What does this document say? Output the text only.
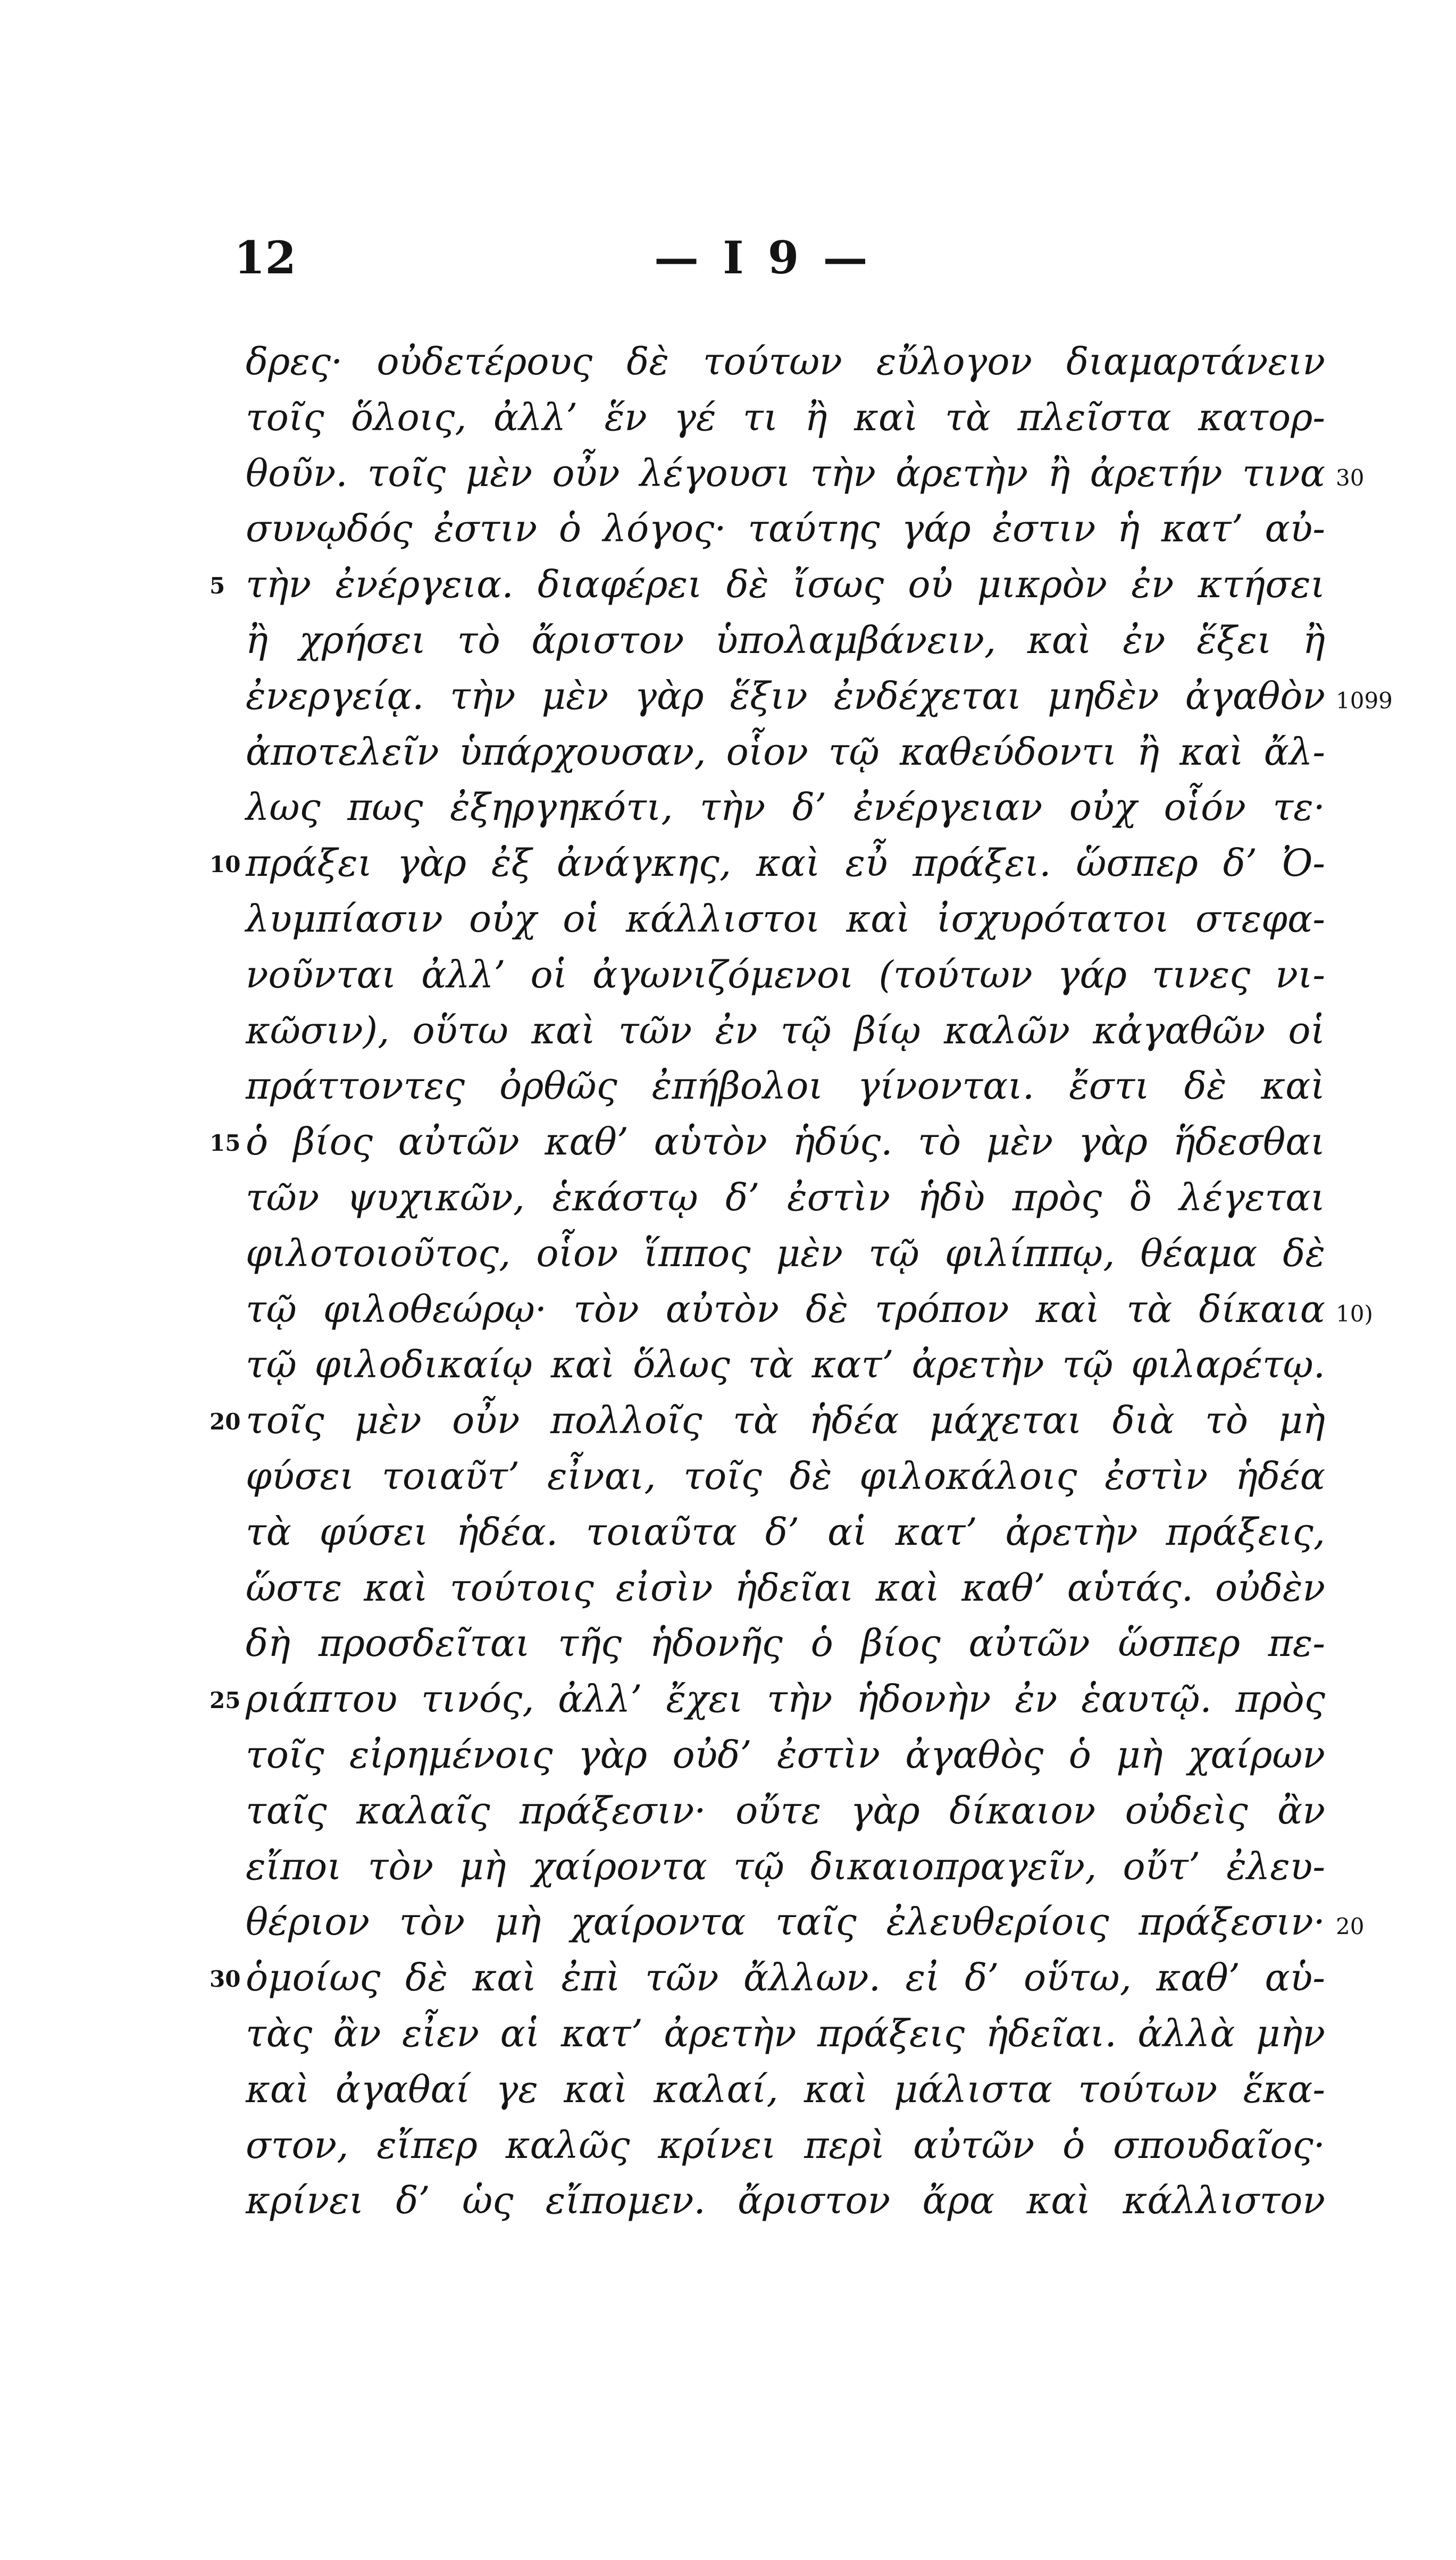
12	— I 9 —
δρες· οὐδετέρους δὲ τούτων εὔλογον διαμαρτάνειν
τοῖς ὅλοις, ἀλλ’ ἕν γέ τι ἢ καὶ τὰ πλεῖστα κατορ-
θοῦν. τοῖς μὲν οὖν λέγουσι τὴν ἀρετὴν ἢ ἀρετήν τινα 30
συνῳδός ἐστιν ὁ λόγος· ταύτης γάρ ἐστιν ἡ κατ’ αὐ-
τὴν ἐνέργεια. διαφέρει δὲ ἴσως οὐ μικρὸν ἐν κτήσει
5
ἢ χρήσει τὸ ἄριστον ὑπολαμβάνειν, καὶ ἐν ἕξει ἢ
ἐνεργείᾳ. τὴν μὲν γὰρ ἕξιν ἐνδέχεται μηδὲν ἀγαθὸν 1099
ἀποτελεῖν ὑπάρχουσαν, οἷον τῷ καθεύδοντι ἢ καὶ ἄλ-
λως πως ἐξηργηκότι, τὴν δ’ ἐνέργειαν οὐχ οἷόν τε·
πράξει γὰρ ἐξ ἀνάγκης, καὶ εὖ πράξει. ὥσπερ δ’ Ὀ-
10
λυμπίασιν οὐχ οἱ κάλλιστοι καὶ ἰσχυρότατοι στεφα-
νοῦνται ἀλλ’ οἱ ἀγωνιζόμενοι (τούτων γάρ τινες νι-
κῶσιν), οὕτω καὶ τῶν ἐν τῷ βίῳ καλῶν κἀγαθῶν οἱ
πράττοντες ὀρθῶς ἐπήβολοι γίνονται. ἔστι δὲ καὶ
ὁ βίος αὐτῶν καθ’ αὑτὸν ἡδύς. τὸ μὲν γὰρ ἥδεσθαι
15
τῶν ψυχικῶν, ἑκάστῳ δ’ ἐστὶν ἡδὺ πρὸς ὃ λέγεται
φιλοτοιοῦτος, οἷον ἵππος μὲν τῷ φιλίππῳ, θέαμα δὲ
τῷ φιλοθεώρῳ· τὸν αὐτὸν δὲ τρόπον καὶ τὰ δίκαια 10)
τῷ φιλοδικαίῳ καὶ ὅλως τὰ κατ’ ἀρετὴν τῷ φιλαρέτῳ.
τοῖς μὲν οὖν πολλοῖς τὰ ἡδέα μάχεται διὰ τὸ μὴ
20
φύσει τοιαῦτ’ εἶναι, τοῖς δὲ φιλοκάλοις ἐστὶν ἡδέα
τὰ φύσει ἡδέα. τοιαῦτα δ’ αἱ κατ’ ἀρετὴν πράξεις,
ὥστε καὶ τούτοις εἰσὶν ἡδεῖαι καὶ καθ’ αὑτάς. οὐδὲν
δὴ προσδεῖται τῆς ἡδονῆς ὁ βίος αὐτῶν ὥσπερ πε-
ριάπτου τινός, ἀλλ’ ἔχει τὴν ἡδονὴν ἐν ἑαυτῷ. πρὸς
25
τοῖς εἰρημένοις γὰρ οὐδ’ ἐστὶν ἀγαθὸς ὁ μὴ χαίρων
ταῖς καλαῖς πράξεσιν· οὔτε γὰρ δίκαιον οὐδεὶς ἂν
εἴποι τὸν μὴ χαίροντα τῷ δικαιοπραγεῖν, οὔτ’ ἐλευ-
θέριον τὸν μὴ χαίροντα ταῖς ἐλευθερίοις πράξεσιν· 20
ὁμοίως δὲ καὶ ἐπὶ τῶν ἄλλων. εἰ δ’ οὕτω, καθ’ αὑ-
30
τὰς ἂν εἶεν αἱ κατ’ ἀρετὴν πράξεις ἡδεῖαι. ἀλλὰ μὴν
καὶ ἀγαθαί γε καὶ καλαί, καὶ μάλιστα τούτων ἕκα-
στον, εἴπερ καλῶς κρίνει περὶ αὐτῶν ὁ σπουδαῖος·
κρίνει δ’ ὡς εἴπομεν. ἄριστον ἄρα καὶ κάλλιστον
